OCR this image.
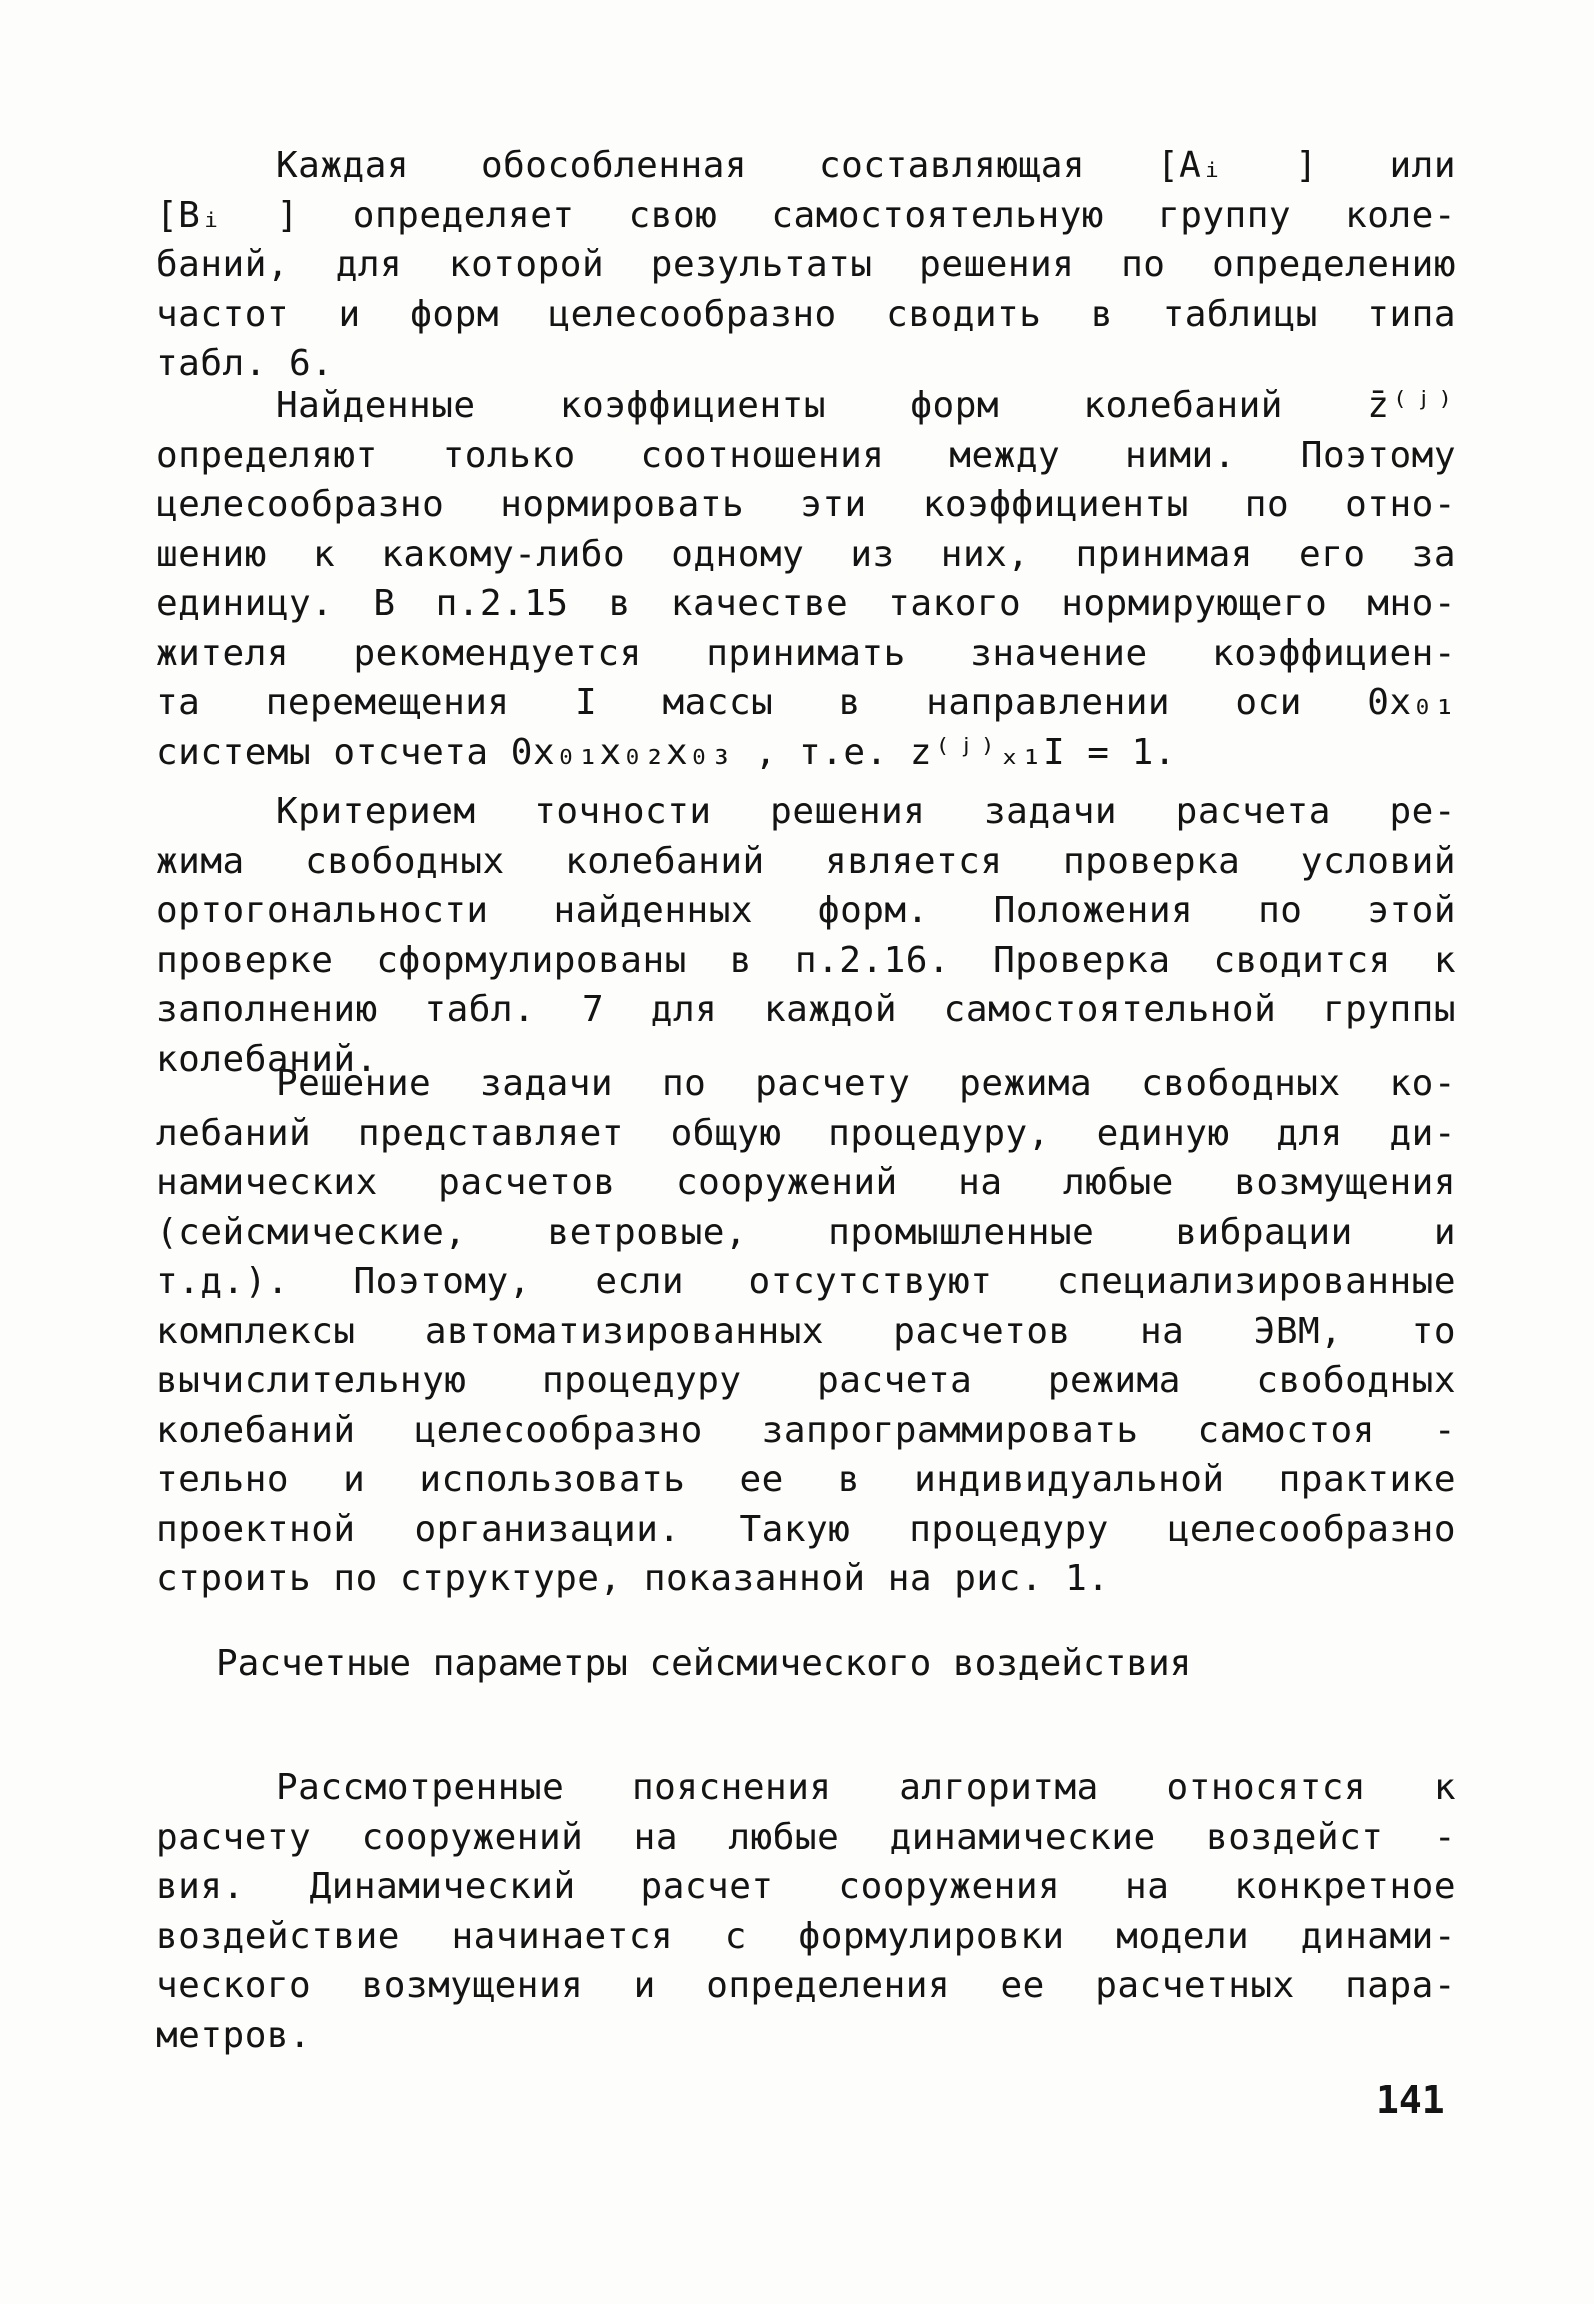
Каждая обособленная составляющая [Aᵢ ] или
[Bᵢ ] определяет свою самостоятельную группу коле-
баний, для которой результаты решения по определению
частот и форм целесообразно сводить в таблицы типа
табл. 6.
Найденные коэффициенты форм колебаний z̄⁽ʲ⁾
определяют только соотношения между ними. Поэтому
целесообразно нормировать эти коэффициенты по отно-
шению к какому-либо одному из них, принимая его за
единицу. В п.2.15 в качестве такого нормирующего мно-
жителя рекомендуется принимать значение коэффициен-
та перемещения I массы в направлении оси 0x₀₁
системы отсчета 0x₀₁x₀₂x₀₃ , т.е. z⁽ʲ⁾ₓ₁I = 1.
Критерием точности решения задачи расчета ре-
жима свободных колебаний является проверка условий
ортогональности найденных форм. Положения по этой
проверке сформулированы в п.2.16. Проверка сводится к
заполнению табл. 7 для каждой самостоятельной группы
колебаний.
Решение задачи по расчету режима свободных ко-
лебаний представляет общую процедуру, единую для ди-
намических расчетов сооружений на любые возмущения
(сейсмические, ветровые, промышленные вибрации и
т.д.). Поэтому, если отсутствуют специализированные
комплексы автоматизированных расчетов на ЭВМ, то
вычислительную процедуру расчета режима свободных
колебаний целесообразно запрограммировать самостоя -
тельно и использовать ее в индивидуальной практике
проектной организации. Такую процедуру целесообразно
строить по структуре, показанной на рис. 1.
Рассмотренные пояснения алгоритма относятся к
расчету сооружений на любые динамические воздейст -
вия. Динамический расчет сооружения на конкретное
воздействие начинается с формулировки модели динами-
ческого возмущения и определения ее расчетных пара-
метров.
Расчетные параметры сейсмического воздействия
141
